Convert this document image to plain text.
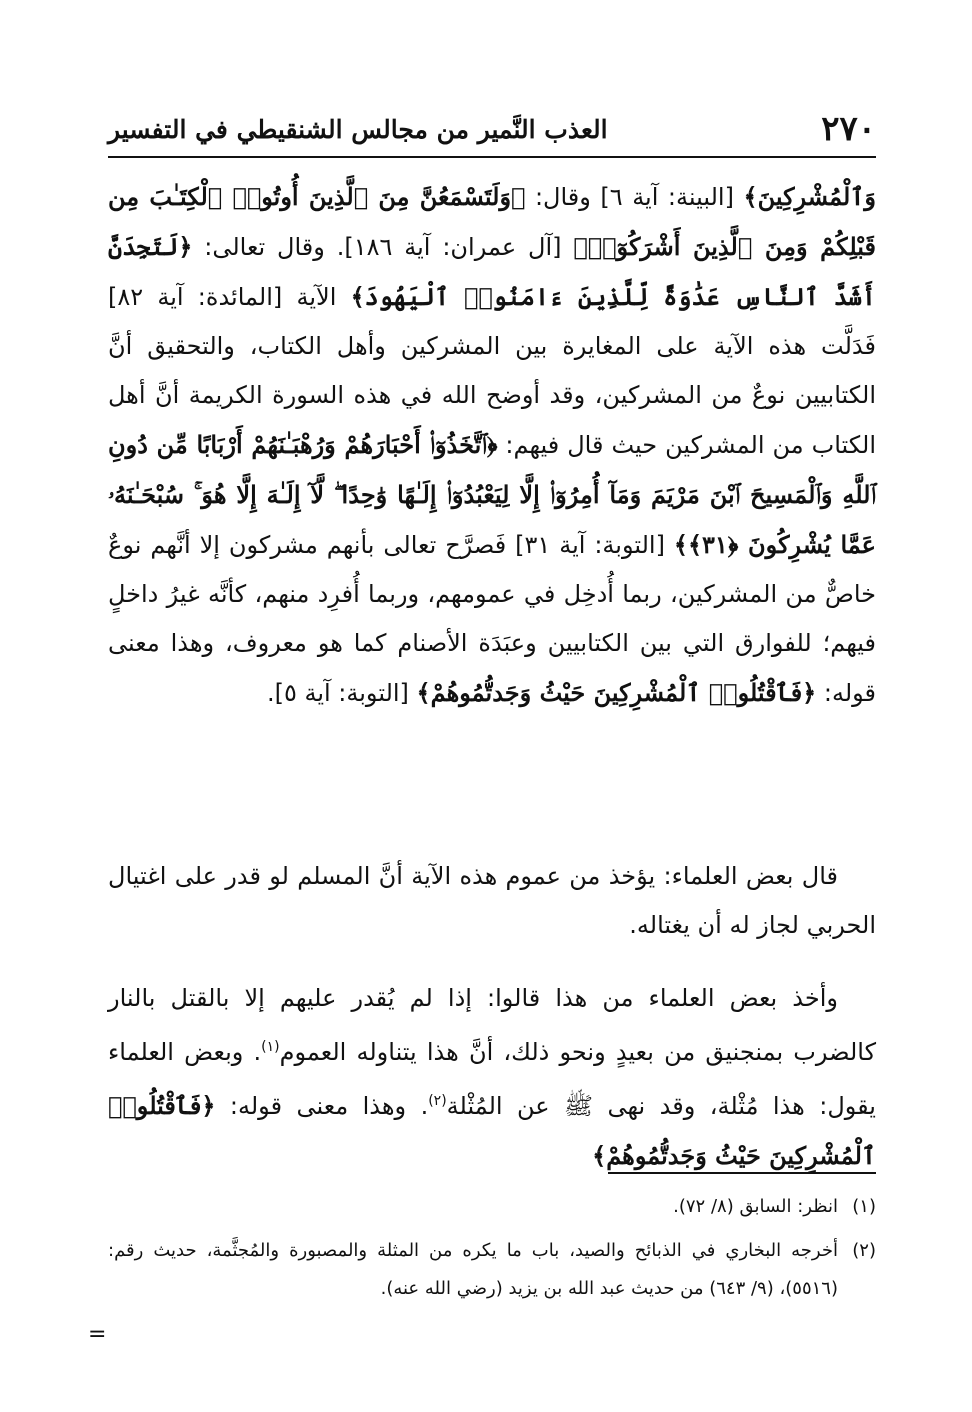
٢٧٠
العذب النَّمير من مجالس الشنقيطي في التفسير

وَٱلْمُشْرِكِينَ﴾ [البينة: آية ٦] وقال: ﴿وَلَتَسْمَعُنَّ مِنَ ٱلَّذِينَ أُوتُوا۟ ٱلْكِتَـٰبَ مِن قَبْلِكُمْ وَمِنَ ٱلَّذِينَ أَشْرَكُوٓا۟﴾ [آل عمران: آية ١٨٦]. وقال تعالى: ﴿لَتَجِدَنَّ أَشَدَّ ٱلنَّاسِ عَدَٰوَةً لِّلَّذِينَ ءَامَنُوا۟ ٱلْيَهُودَ﴾ الآية [المائدة: آية ٨٢] فَدَلَّت هذه الآية على المغايرة بين المشركين وأهل الكتاب، والتحقيق أنَّ الكتابيين نوعٌ من المشركين، وقد أوضح الله في هذه السورة الكريمة أنَّ أهل الكتاب من المشركين حيث قال فيهم: ﴿ٱتَّخَذُوٓا۟ أَحْبَارَهُمْ وَرُهْبَـٰنَهُمْ أَرْبَابًا مِّن دُونِ ٱللَّهِ وَٱلْمَسِيحَ ٱبْنَ مَرْيَمَ وَمَآ أُمِرُوٓا۟ إِلَّا لِيَعْبُدُوٓا۟ إِلَـٰهًا وَٰحِدًا ۖ لَّآ إِلَـٰهَ إِلَّا هُوَ ۚ سُبْحَـٰنَهُۥ عَمَّا يُشْرِكُونَ ﴿٣١﴾﴾ [التوبة: آية ٣١] فَصرَّح تعالى بأنهم مشركون إلا أنَّهم نوعٌ خاصٌّ من المشركين، ربما أُدخِل في عمومهم، وربما أُفرِد منهم، كأنَّه غيرُ داخلٍ فيهم؛ للفوارق التي بين الكتابيين وعبَدَة الأصنام كما هو معروف، وهذا معنى قوله: ﴿فَٱقْتُلُوا۟ ٱلْمُشْرِكِينَ حَيْثُ وَجَدتُّمُوهُمْ﴾ [التوبة: آية ٥].

قال بعض العلماء: يؤخذ من عموم هذه الآية أنَّ المسلم لو قدر على اغتيال الحربي لجاز له أن يغتاله.

وأخذ بعض العلماء من هذا قالوا: إذا لم يُقدر عليهم إلا بالقتل بالنار كالضرب بمنجنيق من بعيدٍ ونحو ذلك، أنَّ هذا يتناوله العموم$^{(١)}$. وبعض العلماء يقول: هذا مُثْلة، وقد نهى ﷺ عن المُثْلة$^{(٢)}$. وهذا معنى قوله: ﴿فَٱقْتُلُوا۟ ٱلْمُشْرِكِينَ حَيْثُ وَجَدتُّمُوهُمْ﴾

(١)
انظر: السابق (٨/ ٧٢).
(٢)
أخرجه البخاري في الذبائح والصيد، باب ما يكره من المثلة والمصبورة والمُجثَّمة، حديث رقم: (٥٥١٦)، (٩/ ٦٤٣) من حديث عبد الله بن يزيد (رضي الله عنه).
=
